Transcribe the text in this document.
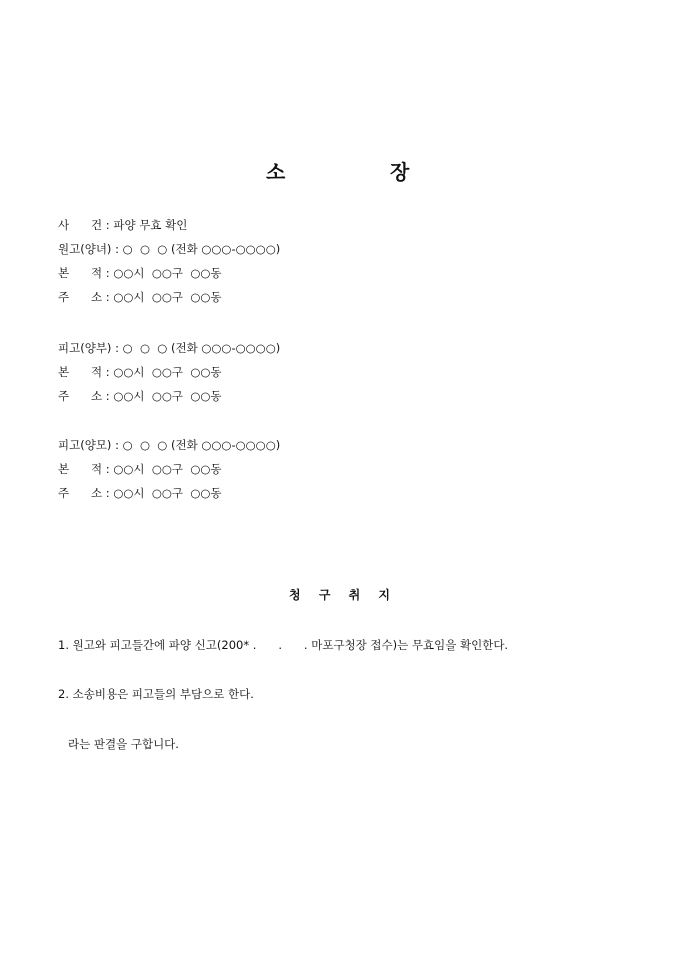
소	장
사      건 : 파양 무효 확인
원고(양녀) : ○  ○  ○ (전화 ○○○-○○○○)
본      적 : ○○시  ○○구  ○○동
주      소 : ○○시  ○○구  ○○동
피고(양부) : ○  ○  ○ (전화 ○○○-○○○○)
본      적 : ○○시  ○○구  ○○동
주      소 : ○○시  ○○구  ○○동
피고(양모) : ○  ○  ○ (전화 ○○○-○○○○)
본      적 : ○○시  ○○구  ○○동
주      소 : ○○시  ○○구  ○○동
청 구 취 지
1. 원고와 피고들간에 파양 신고(200* .      .      . 마포구청장 접수)는 무효임을 확인한다.
2. 소송비용은 피고들의 부담으로 한다.
라는 판결을 구합니다.
